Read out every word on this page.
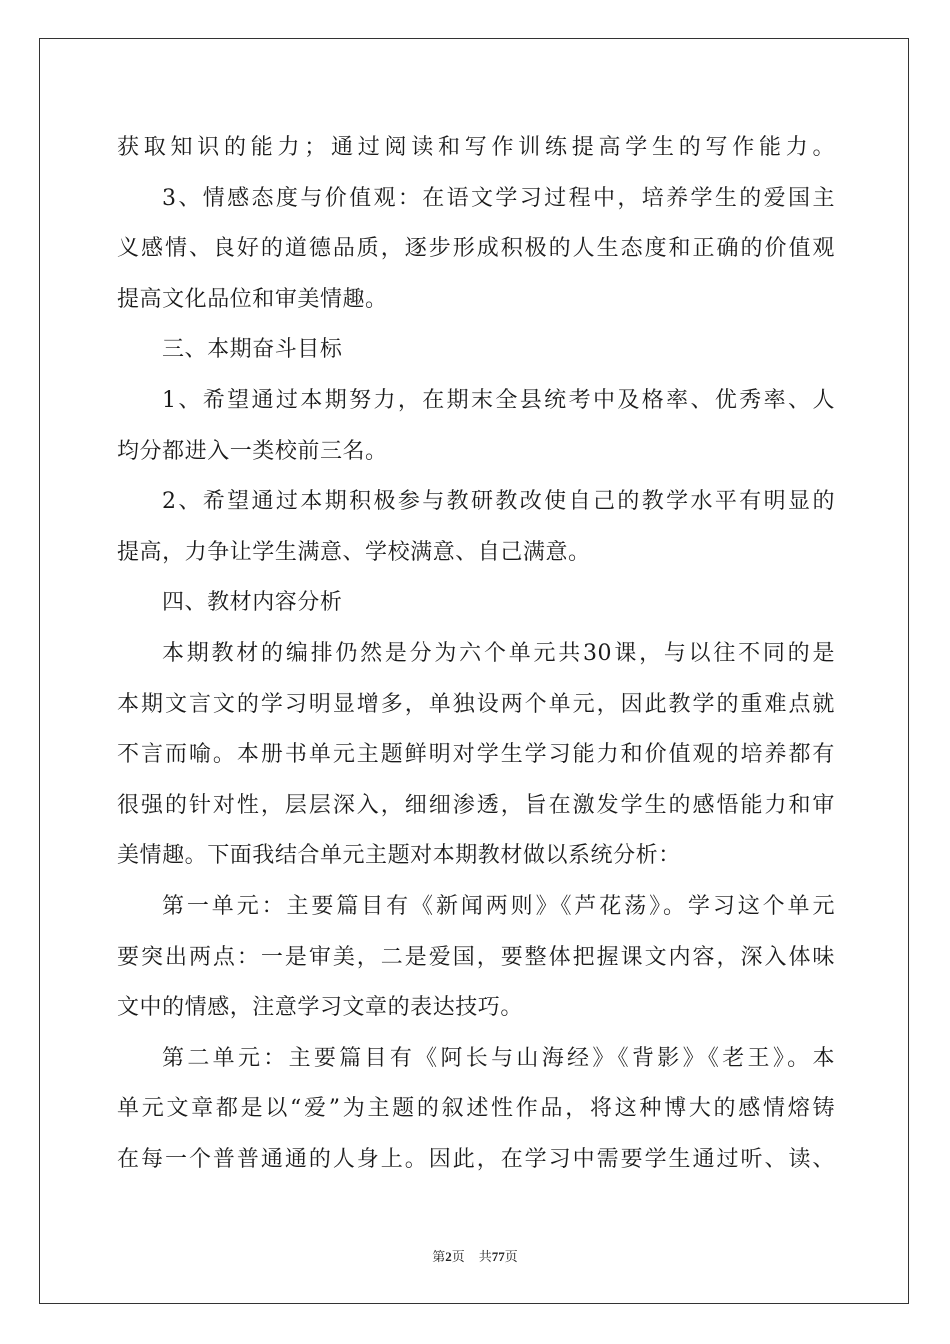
获取知识的能力；通过阅读和写作训练提高学生的写作能力。
3、情感态度与价值观：在语文学习过程中，培养学生的爱国主
义感情、良好的道德品质，逐步形成积极的人生态度和正确的价值观
提高文化品位和审美情趣。
三、本期奋斗目标
1、希望通过本期努力，在期末全县统考中及格率、优秀率、人
均分都进入一类校前三名。
2、希望通过本期积极参与教研教改使自己的教学水平有明显的
提高，力争让学生满意、学校满意、自己满意。
四、教材内容分析
本期教材的编排仍然是分为六个单元共30课，与以往不同的是
本期文言文的学习明显增多，单独设两个单元，因此教学的重难点就
不言而喻。本册书单元主题鲜明对学生学习能力和价值观的培养都有
很强的针对性，层层深入，细细渗透，旨在激发学生的感悟能力和审
美情趣。下面我结合单元主题对本期教材做以系统分析：
第一单元：主要篇目有《新闻两则》《芦花荡》。学习这个单元
要突出两点：一是审美，二是爱国，要整体把握课文内容，深入体味
文中的情感，注意学习文章的表达技巧。
第二单元：主要篇目有《阿长与山海经》《背影》《老王》。本
单元文章都是以“爱”为主题的叙述性作品，将这种博大的感情熔铸
在每一个普普通通的人身上。因此，在学习中需要学生通过听、读、
第2页 共77页
